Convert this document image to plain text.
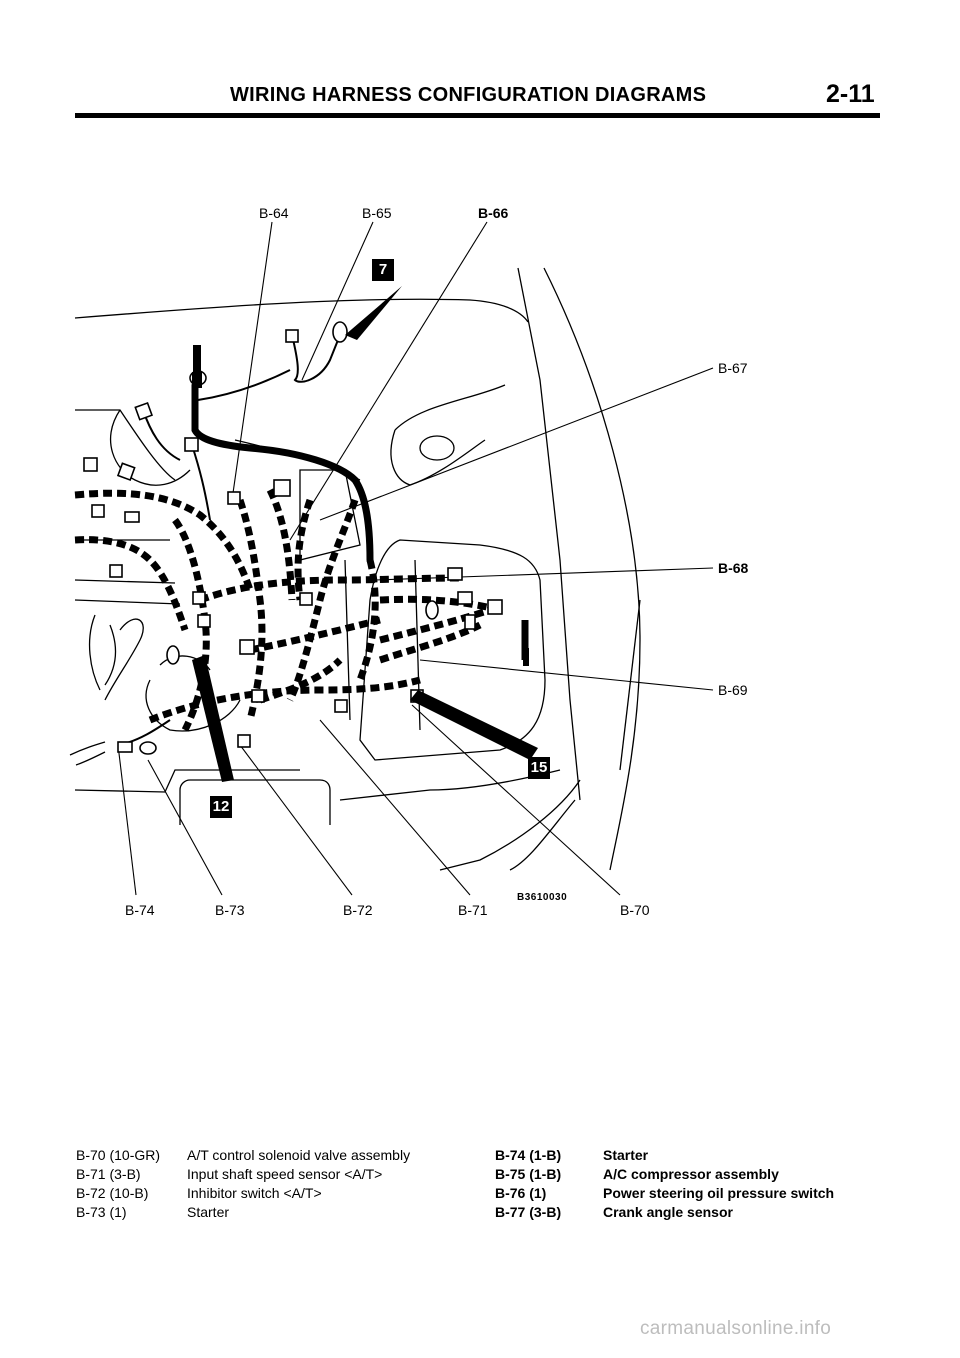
WIRING HARNESS CONFIGURATION DIAGRAMS	2-11
B-64	B-65	B-66
B-67
B-68
B-69
B-74	B-73	B-72	B-71	B-70
B3610030
7
12
15
B-70 (10-GR) A/T control solenoid valve assembly
B-71 (3-B)	Input shaft speed sensor <A/T>
B-72 (10-B)	Inhibitor switch <A/T>
B-73 (1)	Starter
B-74 (1-B)	Starter
B-75 (1-B)	A/C compressor assembly
B-76 (1)	Power steering oil pressure switch
B-77 (3-B)	Crank angle sensor
carmanualsonline.info
